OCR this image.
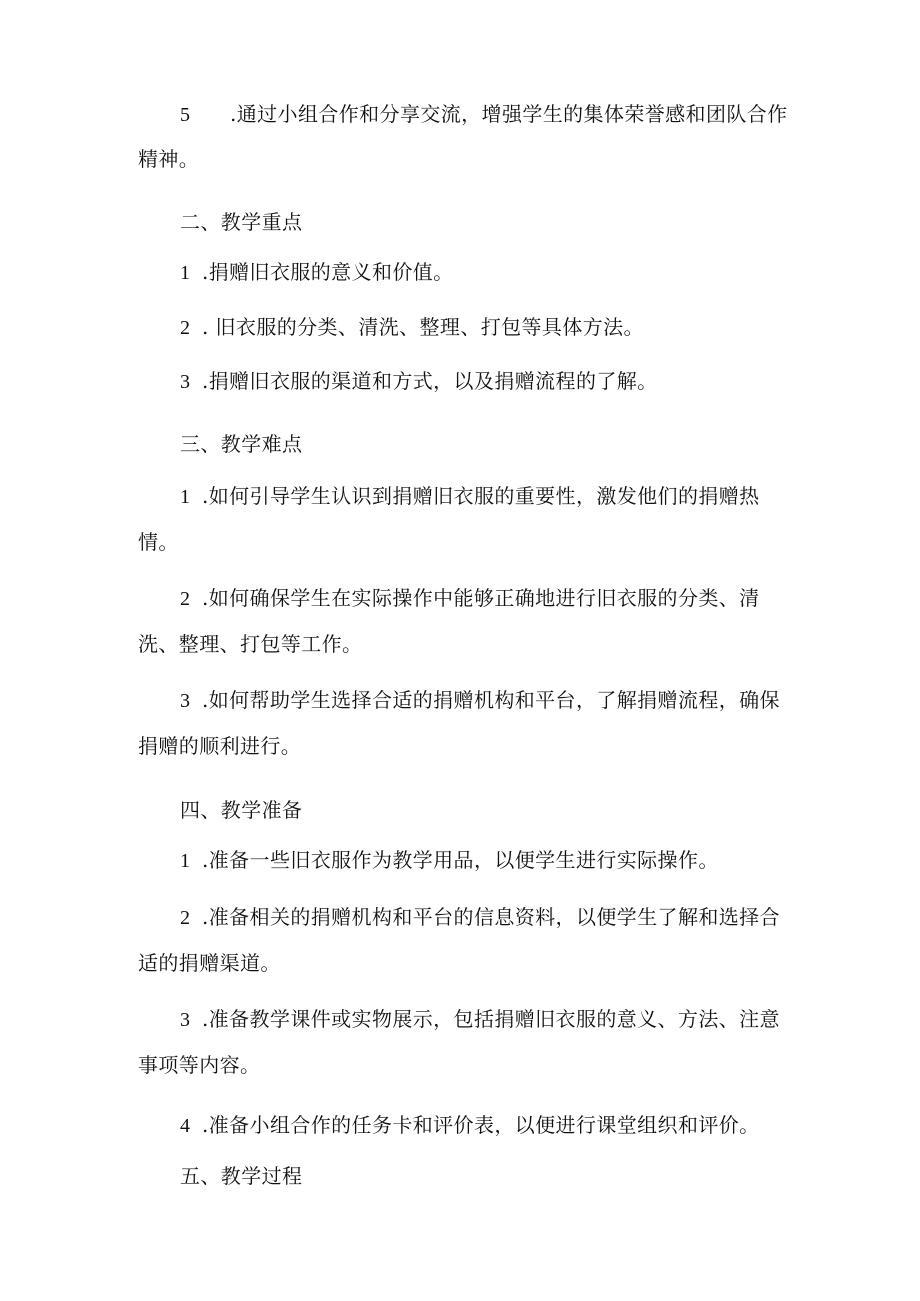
5 .通过小组合作和分享交流，增强学生的集体荣誉感和团队合作

精神。

二、教学重点

1 .捐赠旧衣服的意义和价值。

2 . 旧衣服的分类、清洗、整理、打包等具体方法。

3 .捐赠旧衣服的渠道和方式，以及捐赠流程的了解。

三、教学难点

1 .如何引导学生认识到捐赠旧衣服的重要性，激发他们的捐赠热

情。

2 .如何确保学生在实际操作中能够正确地进行旧衣服的分类、清

洗、整理、打包等工作。

3 .如何帮助学生选择合适的捐赠机构和平台，了解捐赠流程，确保

捐赠的顺利进行。

四、教学准备

1 .准备一些旧衣服作为教学用品，以便学生进行实际操作。

2 .准备相关的捐赠机构和平台的信息资料，以便学生了解和选择合

适的捐赠渠道。

3 .准备教学课件或实物展示，包括捐赠旧衣服的意义、方法、注意

事项等内容。

4 .准备小组合作的任务卡和评价表，以便进行课堂组织和评价。

五、教学过程
